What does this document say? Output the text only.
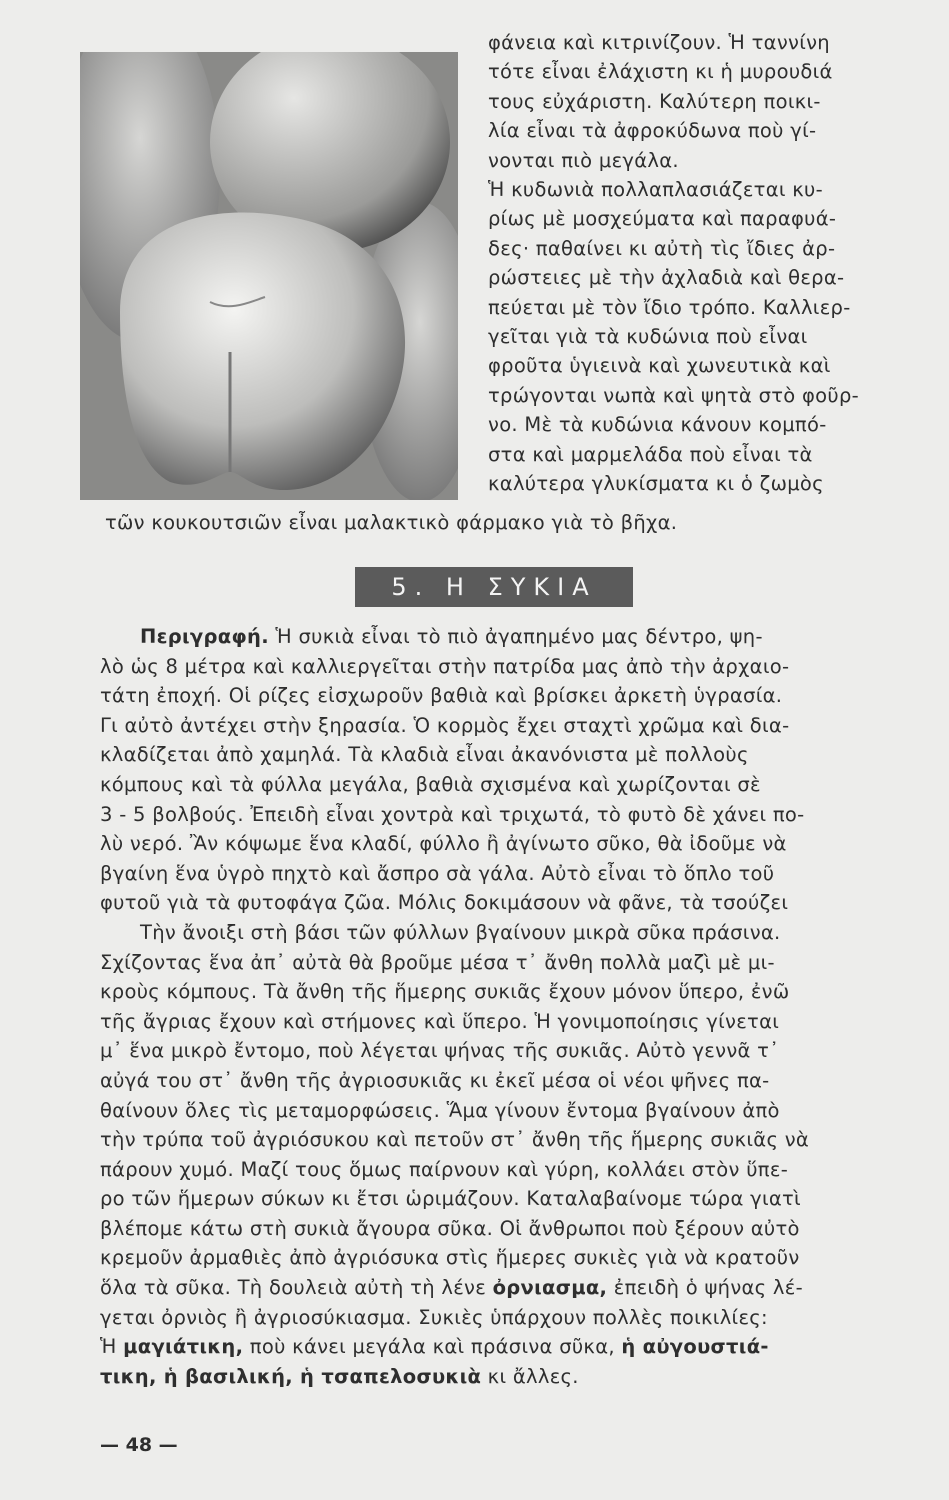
φάνεια καὶ κιτρινίζουν. Ἡ ταννίνη
τότε εἶναι ἐλάχιστη κι ἡ μυρουδιά
τους εὐχάριστη. Καλύτερη ποικι-
λία εἶναι τὰ ἀφροκύδωνα ποὺ γί-
νονται πιὸ μεγάλα.
Ἡ κυδωνιὰ πολλαπλασιάζεται κυ-
ρίως μὲ μοσχεύματα καὶ παραφυά-
δες· παθαίνει κι αὐτὴ τὶς ἴδιες ἀρ-
ρώστειες μὲ τὴν ἀχλαδιὰ καὶ θερα-
πεύεται μὲ τὸν ἴδιο τρόπο. Καλλιερ-
γεῖται γιὰ τὰ κυδώνια ποὺ εἶναι
φροῦτα ὑγιεινὰ καὶ χωνευτικὰ καὶ
τρώγονται νωπὰ καὶ ψητὰ στὸ φοῦρ-
νο. Μὲ τὰ κυδώνια κάνουν κομπό-
στα καὶ μαρμελάδα ποὺ εἶναι τὰ
καλύτερα γλυκίσματα κι ὁ ζωμὸς
τῶν κουκουτσιῶν εἶναι μαλακτικὸ φάρμακο γιὰ τὸ βῆχα.
5. Η ΣΥΚΙΑ
Περιγραφή. Ἡ συκιὰ εἶναι τὸ πιὸ ἀγαπημένο μας δέντρο, ψη-
λὸ ὡς 8 μέτρα καὶ καλλιεργεῖται στὴν πατρίδα μας ἀπὸ τὴν ἀρχαιο-
τάτη ἐποχή. Οἱ ρίζες εἰσχωροῦν βαθιὰ καὶ βρίσκει ἀρκετὴ ὑγρασία.
Γι αὐτὸ ἀντέχει στὴν ξηρασία. Ὁ κορμὸς ἔχει σταχτὶ χρῶμα καὶ δια-
κλαδίζεται ἀπὸ χαμηλά. Τὰ κλαδιὰ εἶναι ἀκανόνιστα μὲ πολλοὺς
κόμπους καὶ τὰ φύλλα μεγάλα, βαθιὰ σχισμένα καὶ χωρίζονται σὲ
3 - 5 βολβούς. Ἐπειδὴ εἶναι χοντρὰ καὶ τριχωτά, τὸ φυτὸ δὲ χάνει πο-
λὺ νερό. Ἂν κόψωμε ἕνα κλαδί, φύλλο ἢ ἀγίνωτο σῦκο, θὰ ἰδοῦμε νὰ
βγαίνη ἕνα ὑγρὸ πηχτὸ καὶ ἄσπρο σὰ γάλα. Αὐτὸ εἶναι τὸ ὅπλο τοῦ
φυτοῦ γιὰ τὰ φυτοφάγα ζῶα. Μόλις δοκιμάσουν νὰ φᾶνε, τὰ τσούζει
Τὴν ἄνοιξι στὴ βάσι τῶν φύλλων βγαίνουν μικρὰ σῦκα πράσινα.
Σχίζοντας ἕνα ἀπ᾽ αὐτὰ θὰ βροῦμε μέσα τ᾽ ἄνθη πολλὰ μαζὶ μὲ μι-
κροὺς κόμπους. Τὰ ἄνθη τῆς ἥμερης συκιᾶς ἔχουν μόνον ὕπερο, ἐνῶ
τῆς ἄγριας ἔχουν καὶ στήμονες καὶ ὕπερο. Ἡ γονιμοποίησις γίνεται
μ᾽ ἕνα μικρὸ ἔντομο, ποὺ λέγεται ψήνας τῆς συκιᾶς. Αὐτὸ γεννᾶ τ᾽
αὐγά του στ᾽ ἄνθη τῆς ἀγριοσυκιᾶς κι ἐκεῖ μέσα οἱ νέοι ψῆνες πα-
θαίνουν ὅλες τὶς μεταμορφώσεις. Ἅμα γίνουν ἔντομα βγαίνουν ἀπὸ
τὴν τρύπα τοῦ ἀγριόσυκου καὶ πετοῦν στ᾽ ἄνθη τῆς ἥμερης συκιᾶς νὰ
πάρουν χυμό. Μαζί τους ὅμως παίρνουν καὶ γύρη, κολλάει στὸν ὕπε-
ρο τῶν ἥμερων σύκων κι ἔτσι ὡριμάζουν. Καταλαβαίνομε τώρα γιατὶ
βλέπομε κάτω στὴ συκιὰ ἄγουρα σῦκα. Οἱ ἄνθρωποι ποὺ ξέρουν αὐτὸ
κρεμοῦν ἀρμαθιὲς ἀπὸ ἀγριόσυκα στὶς ἥμερες συκιὲς γιὰ νὰ κρατοῦν
ὅλα τὰ σῦκα. Τὴ δουλειὰ αὐτὴ τὴ λένε ὀρνιασμα, ἐπειδὴ ὁ ψήνας λέ-
γεται ὀρνιὸς ἢ ἀγριοσύκιασμα. Συκιὲς ὑπάρχουν πολλὲς ποικιλίες:
Ἡ μαγιάτικη, ποὺ κάνει μεγάλα καὶ πράσινα σῦκα, ἡ αὐγουστιά-
τικη, ἡ βασιλική, ἡ τσαπελοσυκιὰ κι ἄλλες.
— 48 —
